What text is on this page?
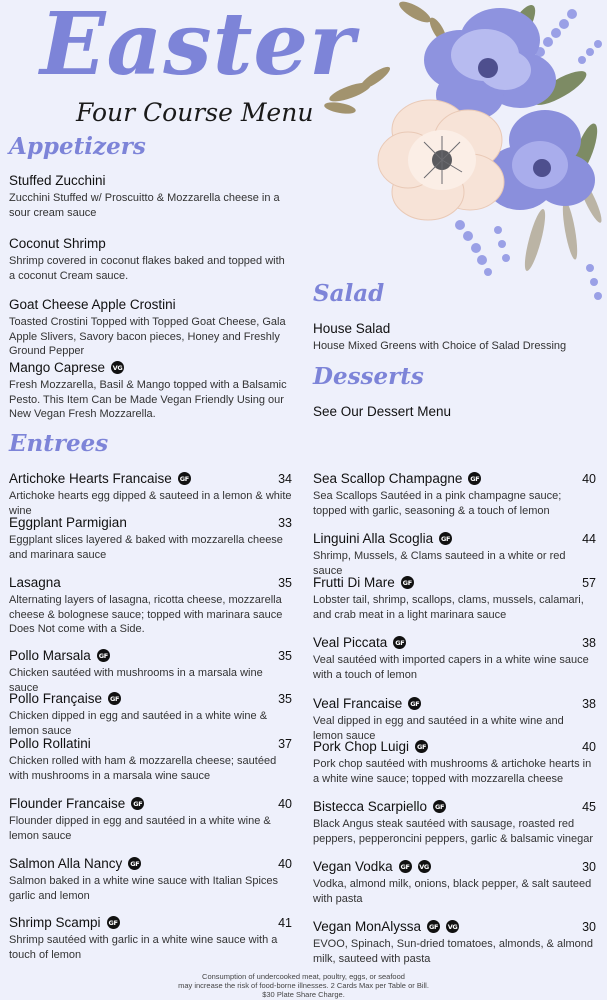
Easter
Four Course Menu
Appetizers
Stuffed Zucchini
Zucchini Stuffed w/ Proscuitto & Mozzarella cheese in a sour cream sauce
Coconut Shrimp
Shrimp covered in coconut flakes baked and topped with a coconut Cream sauce.
Goat Cheese Apple Crostini
Toasted Crostini Topped with Topped Goat Cheese, Gala Apple Slivers, Savory bacon pieces, Honey and Freshly Ground Pepper
Mango Caprese VG
Fresh Mozzarella, Basil & Mango topped with a Balsamic Pesto. This Item Can be Made Vegan Friendly Using our New Vegan Fresh Mozzarella.
Salad
House Salad
House Mixed Greens with Choice of Salad Dressing
Desserts
See Our Dessert Menu
Entrees
Artichoke Hearts Francaise GF	34
Artichoke hearts egg dipped & sauteed in a lemon & white wine
Eggplant Parmigian	33
Eggplant slices layered & baked with mozzarella cheese and marinara sauce
Lasagna	35
Alternating layers of lasagna, ricotta cheese, mozzarella cheese & bolognese sauce; topped with marinara sauce
Does Not come with a Side.
Pollo Marsala GF	35
Chicken sautéed with mushrooms in a marsala wine sauce
Pollo Française GF	35
Chicken dipped in egg and sautéed in a white wine & lemon sauce
Pollo Rollatini	37
Chicken rolled with ham & mozzarella cheese; sautéed with mushrooms in a marsala wine sauce
Flounder Francaise GF	40
Flounder dipped in egg and sautéed in a white wine & lemon sauce
Salmon Alla Nancy GF	40
Salmon baked in a white wine sauce with Italian Spices garlic and lemon
Shrimp Scampi GF	41
Shrimp sautéed with garlic in a white wine sauce with a touch of lemon
Sea Scallop Champagne GF	40
Sea Scallops Sautéed in a pink champagne sauce; topped with garlic, seasoning & a touch of lemon
Linguini Alla Scoglia GF	44
Shrimp, Mussels, & Clams sauteed in a white or red sauce
Frutti Di Mare GF	57
Lobster tail, shrimp, scallops, clams, mussels, calamari, and crab meat in a light marinara sauce
Veal Piccata GF	38
Veal sautéed with imported capers in a white wine sauce with a touch of lemon
Veal Francaise GF	38
Veal dipped in egg and sautéed in a white wine and lemon sauce
Pork Chop Luigi GF	40
Pork chop sautéed with mushrooms & artichoke hearts in a white wine sauce; topped with mozzarella cheese
Bistecca Scarpiello GF	45
Black Angus steak sautéed with sausage, roasted red peppers, pepperoncini peppers, garlic & balsamic vinegar
Vegan Vodka GF VG	30
Vodka, almond milk, onions, black pepper, & salt sauteed with pasta
Vegan MonAlyssa GF VG	30
EVOO, Spinach, Sun-dried tomatoes, almonds, & almond milk, sauteed with pasta
Consumption of undercooked meat, poultry, eggs, or seafood
may increase the risk of food-borne illnesses. 2 Cards Max per Table or Bill.
$30 Plate Share Charge.
